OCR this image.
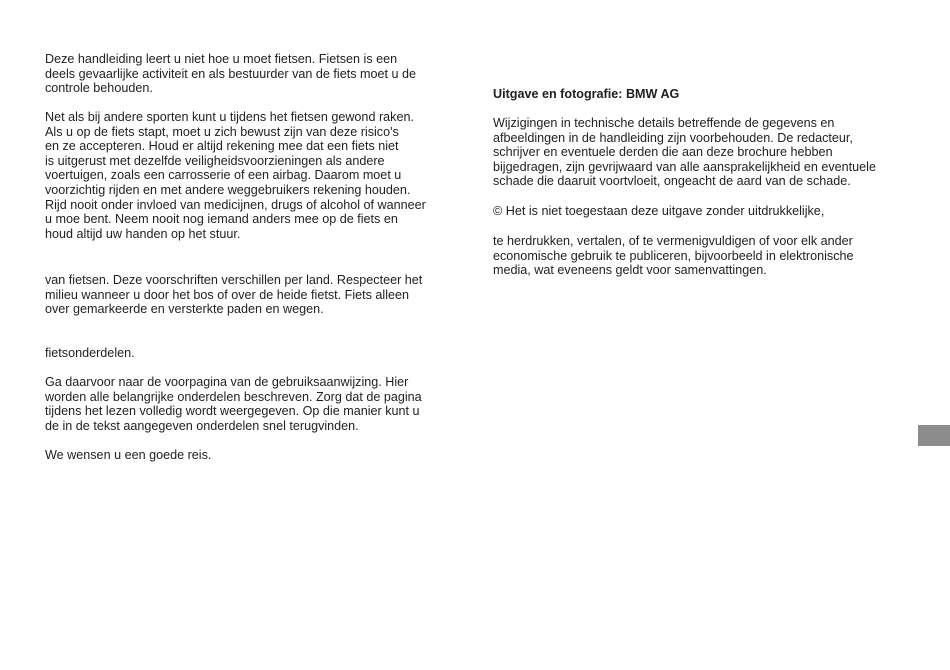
Deze handleiding leert u niet hoe u moet fietsen. Fietsen is een
deels gevaarlijke activiteit en als bestuurder van de fiets moet u de
controle behouden.

Net als bij andere sporten kunt u tijdens het fietsen gewond raken.
Als u op de fiets stapt, moet u zich bewust zijn van deze risico's
en ze accepteren. Houd er altijd rekening mee dat een fiets niet
is uitgerust met dezelfde veiligheidsvoorzieningen als andere
voertuigen, zoals een carrosserie of een airbag. Daarom moet u
voorzichtig rijden en met andere weggebruikers rekening houden.
Rijd nooit onder invloed van medicijnen, drugs of alcohol of wanneer
u moe bent. Neem nooit nog iemand anders mee op de fiets en
houd altijd uw handen op het stuur.

van fietsen. Deze voorschriften verschillen per land. Respecteer het
milieu wanneer u door het bos of over de heide fietst. Fiets alleen
over gemarkeerde en versterkte paden en wegen.

fietsonderdelen.

Ga daarvoor naar de voorpagina van de gebruiksaanwijzing. Hier
worden alle belangrijke onderdelen beschreven. Zorg dat de pagina
tijdens het lezen volledig wordt weergegeven. Op die manier kunt u
de in de tekst aangegeven onderdelen snel terugvinden.

We wensen u een goede reis.

Uitgave en fotografie: BMW AG

Wijzigingen in technische details betreffende de gegevens en
afbeeldingen in de handleiding zijn voorbehouden. De redacteur,
schrijver en eventuele derden die aan deze brochure hebben
bijgedragen, zijn gevrijwaard van alle aansprakelijkheid en eventuele
schade die daaruit voortvloeit, ongeacht de aard van de schade.

© Het is niet toegestaan deze uitgave zonder uitdrukkelijke,

te herdrukken, vertalen, of te vermenigvuldigen of voor elk ander
economische gebruik te publiceren, bijvoorbeeld in elektronische
media, wat eveneens geldt voor samenvattingen.
